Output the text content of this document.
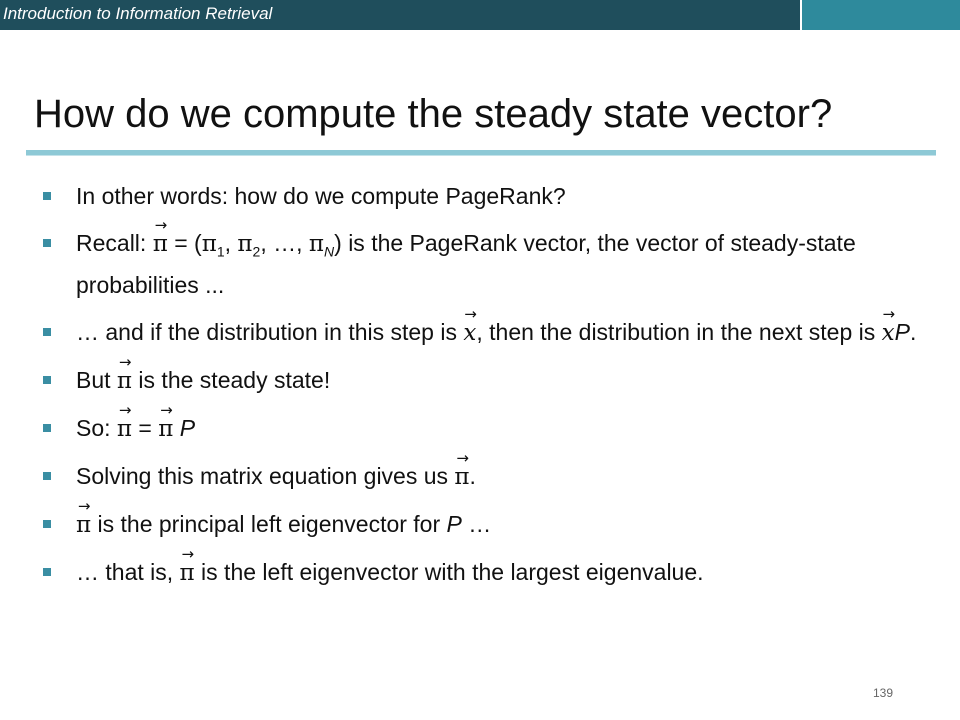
Introduction to Information Retrieval
How do we compute the steady state vector?
In other words: how do we compute PageRank?
Recall: π → = ($\pi_1$, $\pi_2$, …, $\pi_N$) is the PageRank vector, the vector of steady-state probabilities ...
… and if the distribution in this step is x →, then the distribution in the next step is x →P.
But π → is the steady state!
So: π → = π → P
Solving this matrix equation gives us π →.
π → is the principal left eigenvector for P …
… that is, π → is the left eigenvector with the largest eigenvalue.
139
